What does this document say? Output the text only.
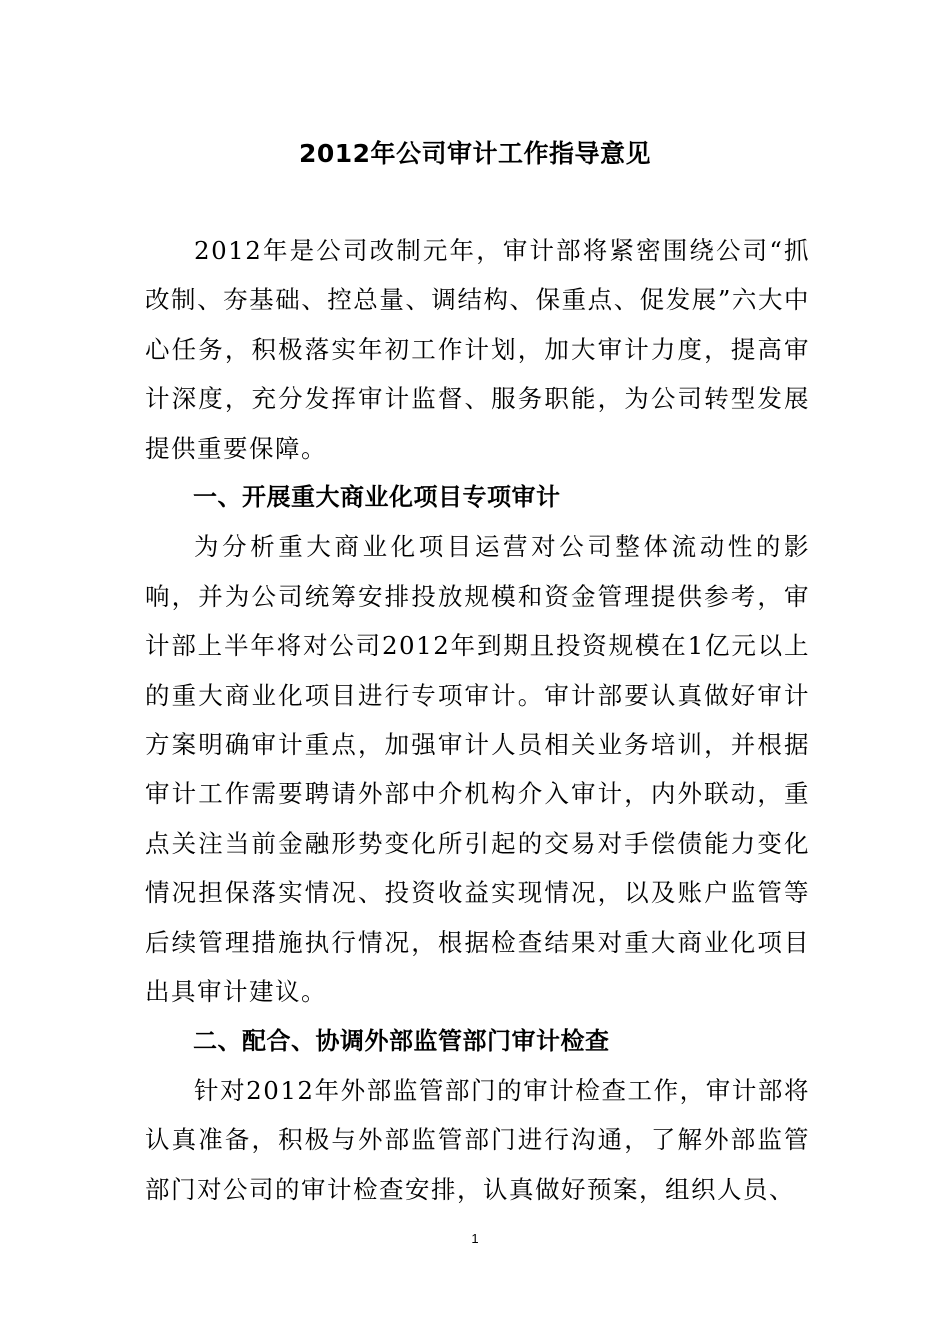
2012年公司审计工作指导意见

2012年是公司改制元年，审计部将紧密围绕公司“抓改制、夯基础、控总量、调结构、保重点、促发展”六大中心任务，积极落实年初工作计划，加大审计力度，提高审计深度，充分发挥审计监督、服务职能，为公司转型发展提供重要保障。

一、开展重大商业化项目专项审计

为分析重大商业化项目运营对公司整体流动性的影响，并为公司统筹安排投放规模和资金管理提供参考，审计部上半年将对公司2012年到期且投资规模在1亿元以上的重大商业化项目进行专项审计。审计部要认真做好审计方案明确审计重点，加强审计人员相关业务培训，并根据审计工作需要聘请外部中介机构介入审计，内外联动，重点关注当前金融形势变化所引起的交易对手偿债能力变化情况担保落实情况、投资收益实现情况，以及账户监管等后续管理措施执行情况，根据检查结果对重大商业化项目出具审计建议。

二、配合、协调外部监管部门审计检查

针对2012年外部监管部门的审计检查工作，审计部将认真准备，积极与外部监管部门进行沟通，了解外部监管部门对公司的审计检查安排，认真做好预案，组织人员、

1
